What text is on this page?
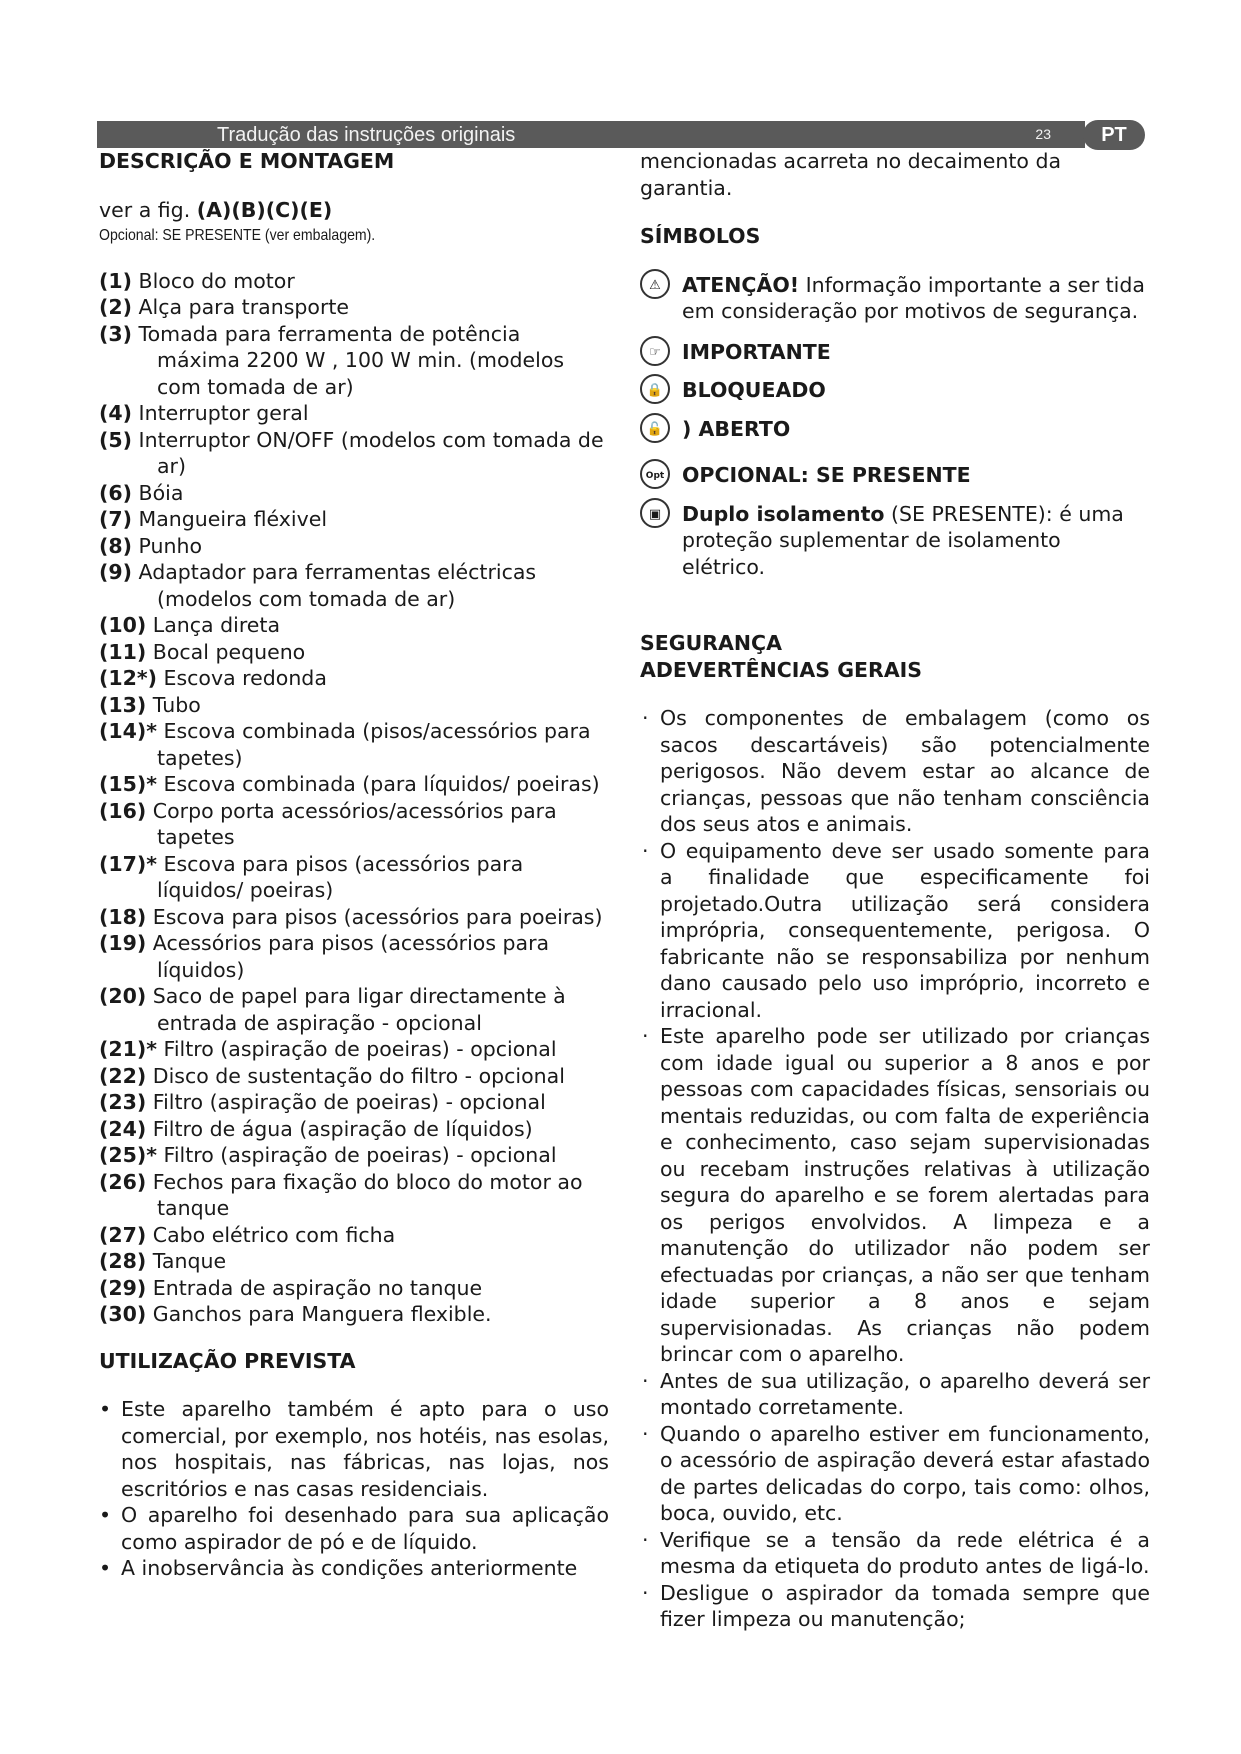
Tradução das instruções originais	23	PT
DESCRIÇÃO E MONTAGEM

ver a fig. (A)(B)(C)(E)

Opcional: SE PRESENTE (ver embalagem).

(1) Bloco do motor

(2) Alça para transporte

(3) Tomada para ferramenta de potência máxima 2200 W , 100 W min. (modelos com tomada de ar)

(4) Interruptor geral

(5) Interruptor ON/OFF (modelos com tomada de ar)

(6) Bóia

(7) Mangueira fléxivel

(8) Punho

(9) Adaptador para ferramentas eléctricas (modelos com tomada de ar)

(10) Lança direta

(11) Bocal pequeno

(12*) Escova redonda

(13) Tubo

(14)* Escova combinada (pisos/acessórios para tapetes)

(15)* Escova combinada (para líquidos/ poeiras)

(16) Corpo porta acessórios/acessórios para tapetes

(17)* Escova para pisos (acessórios para líquidos/ poeiras)

(18) Escova para pisos (acessórios para poeiras)

(19) Acessórios para pisos (acessórios para líquidos)

(20) Saco de papel para ligar directamente à entrada de aspiração - opcional

(21)* Filtro (aspiração de poeiras) - opcional

(22) Disco de sustentação do filtro - opcional

(23) Filtro (aspiração de poeiras) - opcional

(24) Filtro de água (aspiração de líquidos)

(25)* Filtro (aspiração de poeiras) - opcional

(26) Fechos para fixação do bloco do motor ao tanque

(27) Cabo elétrico com ficha

(28) Tanque

(29) Entrada de aspiração no tanque

(30) Ganchos para Manguera flexible.

UTILIZAÇÃO PREVISTA

• Este aparelho também é apto para o uso comercial, por exemplo, nos hotéis, nas esolas, nos hospitais, nas fábricas, nas lojas, nos escritórios e nas casas residenciais.

• O aparelho foi desenhado para sua aplicação como aspirador de pó e de líquido.

• A inobservância às condições anteriormente

mencionadas acarreta no decaimento da garantia.

SÍMBOLOS

⚠	ATENÇÃO! Informação importante a ser tida em consideração por motivos de segurança.

☞	IMPORTANTE

🔒 BLOQUEADO

🔓 ) ABERTO

Opt OPCIONAL: SE PRESENTE

▣	Duplo isolamento (SE PRESENTE): é uma proteção suplementar de isolamento elétrico.

SEGURANÇA
ADEVERTÊNCIAS GERAIS

· Os componentes de embalagem (como os sacos descartáveis) são potencialmente perigosos. Não devem estar ao alcance de crianças, pessoas que não tenham consciência dos seus atos e animais.

· O equipamento deve ser usado somente para a finalidade que especificamente foi projetado.Outra utilização será considera imprópria, consequentemente, perigosa. O fabricante não se responsabiliza por nenhum dano causado pelo uso impróprio, incorreto e irracional.

· Este aparelho pode ser utilizado por crianças com idade igual ou superior a 8 anos e por pessoas com capacidades físicas, sensoriais ou mentais reduzidas, ou com falta de experiência e conhecimento, caso sejam supervisionadas ou recebam instruções relativas à utilização segura do aparelho e se forem alertadas para os perigos envolvidos. A limpeza e a manutenção do utilizador não podem ser efectuadas por crianças, a não ser que tenham idade superior a 8 anos e sejam supervisionadas. As crianças não podem brincar com o aparelho.

· Antes de sua utilização, o aparelho deverá ser montado corretamente.

· Quando o aparelho estiver em funcionamento, o acessório de aspiração deverá estar afastado de partes delicadas do corpo, tais como: olhos, boca, ouvido, etc.

· Verifique se a tensão da rede elétrica é a mesma da etiqueta do produto antes de ligá-lo.

· Desligue o aspirador da tomada sempre que fizer limpeza ou manutenção;
